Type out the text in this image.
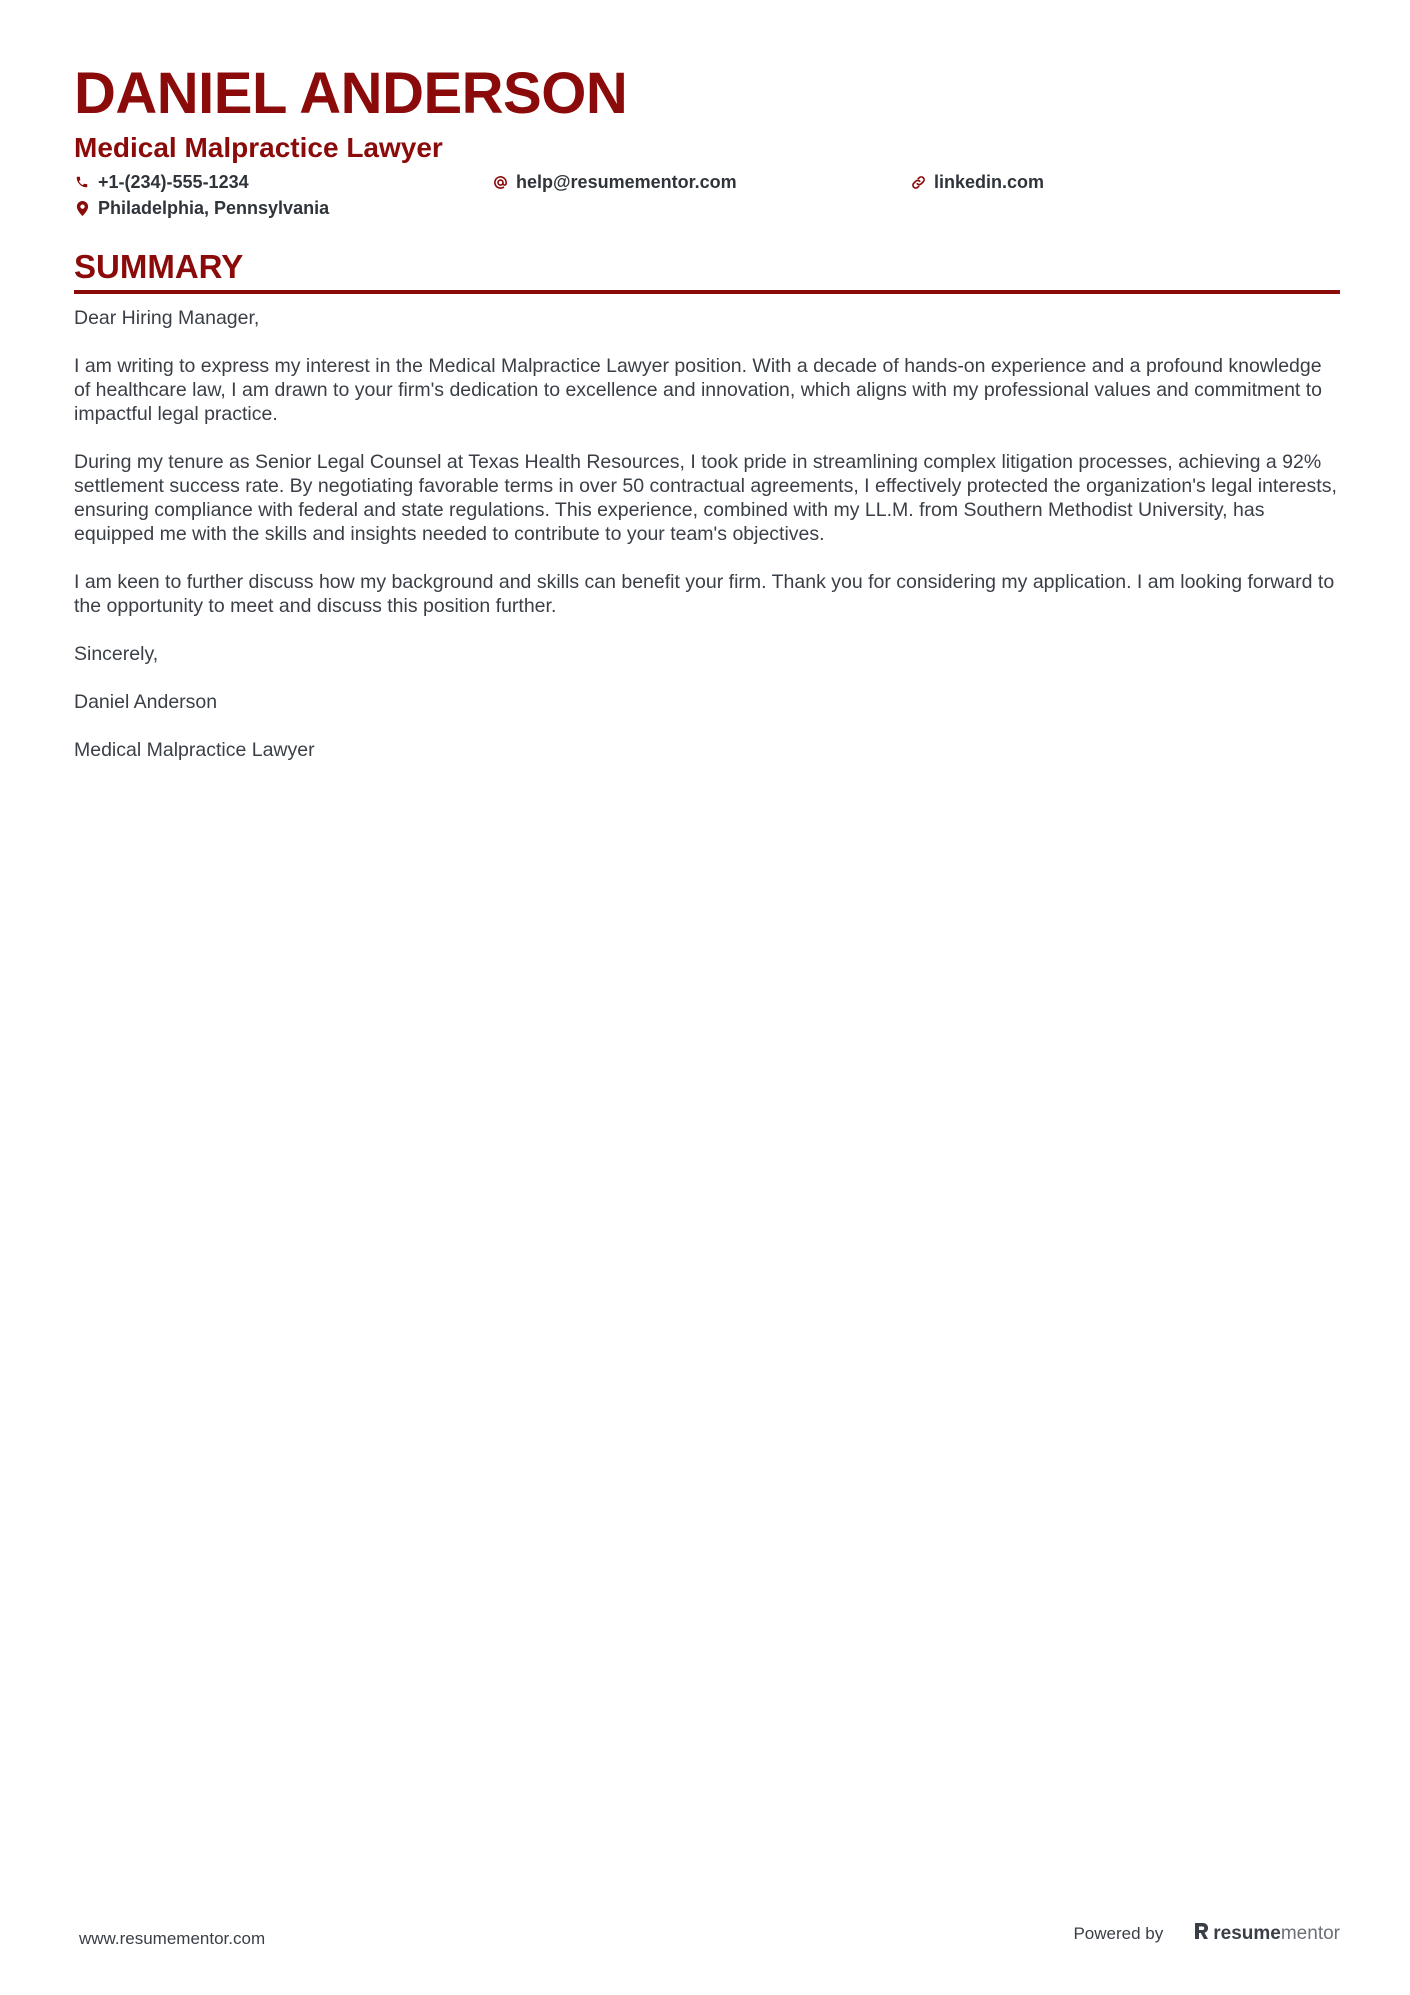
DANIEL ANDERSON
Medical Malpractice Lawyer
+1-(234)-555-1234	help@resumementor.com	linkedin.com
Philadelphia, Pennsylvania
SUMMARY

Dear Hiring Manager,

I am writing to express my interest in the Medical Malpractice Lawyer position. With a decade of hands-on experience and a profound knowledge of healthcare law, I am drawn to your firm's dedication to excellence and innovation, which aligns with my professional values and commitment to impactful legal practice.

During my tenure as Senior Legal Counsel at Texas Health Resources, I took pride in streamlining complex litigation processes, achieving a 92% settlement success rate. By negotiating favorable terms in over 50 contractual agreements, I effectively protected the organization's legal interests, ensuring compliance with federal and state regulations. This experience, combined with my LL.M. from Southern Methodist University, has equipped me with the skills and insights needed to contribute to your team's objectives.

I am keen to further discuss how my background and skills can benefit your firm. Thank you for considering my application. I am looking forward to the opportunity to meet and discuss this position further.

Sincerely,

Daniel Anderson

Medical Malpractice Lawyer

www.resumementor.com	Powered by	resume mentor
